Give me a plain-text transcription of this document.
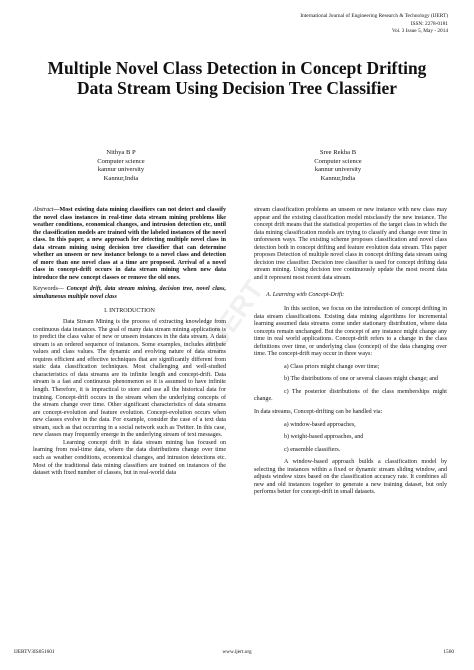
International Journal of Engineering Research & Technology (IJERT)
ISSN: 2278-0181
Vol. 3 Issue 5, May - 2014
Multiple Novel Class Detection in Concept Drifting Data Stream Using Decision Tree Classifier
Nithya B P
Computer science
kannur university
Kannur,India
Sree Rekha B
Computer science
kannur university
Kannur,India

Abstract—Most existing data mining classifiers can not detect and classify the novel class instances in real-time data stream mining problems like weather conditions, economical changes, and intrusion detection etc, until the classification models are trained with the labeled instances of the novel class. In this paper, a new approach for detecting multiple novel class in data stream mining using decision tree classifier that can determine whether an unseen or new instance belongs to a novel class and detection of more than one novel class at a time are proposed. Arrival of a novel class in concept-drift occurs in data stream mining when new data introduce the new concept classes or remove the old ones.

Keywords— Concept drift, data stream mining, decision tree, novel class, simultaneous multiple novel class

I. INTRODUCTION

Data Stream Mining is the process of extracting knowledge from continuous data instances. The goal of many data stream mining applications is to predict the class value of new or unseen instances in the data stream. A data stream is an ordered sequence of instances. Some examples, includes attribute values and class values. The dynamic and evolving nature of data streams requires efficient and effective techniques that are significantly different from static data classification techniques. Most challenging and well-studied characteristics of data streams are its infinite length and concept-drift. Data stream is a fast and continuous phenomenon so it is assumed to have infinite length. Therefore, it is impractical to store and use all the historical data for training. Concept-drift occurs in the stream when the underlying concepts of the stream change over time. Other significant characteristics of data streams are concept-evolution and feature evolution. Concept-evolution occurs when new classes evolve in the data. For example, consider the case of a text data stream, such as that occurring in a social network such as Twitter. In this case, new classes may frequently emerge in the underlying stream of text messages.

Learning concept drift in data stream mining has focused on learning from real-time data, where the data distributions change over time such as weather conditions, economical changes, and intrusion detections etc. Most of the traditional data mining classifiers are trained on instances of the dataset with fixed number of classes, but in real-world data

stream classification problems an unseen or new instance with new class may appear and the existing classification model misclassify the new instance. The concept drift means that the statistical properties of the target class in which the data mining classification models are trying to classify and change over time in unforeseen ways. The existing scheme proposes classification and novel class detection both in concept drifting and feature evolution data stream. This paper proposes Detection of multiple novel class in concept drifting data stream using decision tree classifier. Decision tree classifier is used for concept drifting data stream mining. Using decision tree continuously update the most recent data and it represent most recent data stream.

A. Learning with Concept-Drift:

In this section, we focus on the introduction of concept drifting in data stream classifications. Existing data mining algorithms for incremental learning assumed data streams come under stationary distribution, where data concepts remain unchanged. But the concept of any instance might change any time in real world applications. Concept-drift refers to a change in the class definitions over time, or underlying class (concept) of the data changing over time. The concept-drift may occur in three ways:

a) Class priors might change over time;

b) The distributions of one or several classes might change; and

c) The posterior distributions of the class memberships might change.

In data streams, Concept-drifting can be handled via:

a) window-based approaches,

b) weight-based approaches, and

c) ensemble classifiers.

A window-based approach builds a classification model by selecting the instances within a fixed or dynamic stream sliding window, and adjusts window sizes based on the classification accuracy rate. It combines all new and old instances together to generate a new training dataset, but only performs better for concept-drift in small datasets.

IJERT
IJERTV3IS051601	www.ijert.org	1560
